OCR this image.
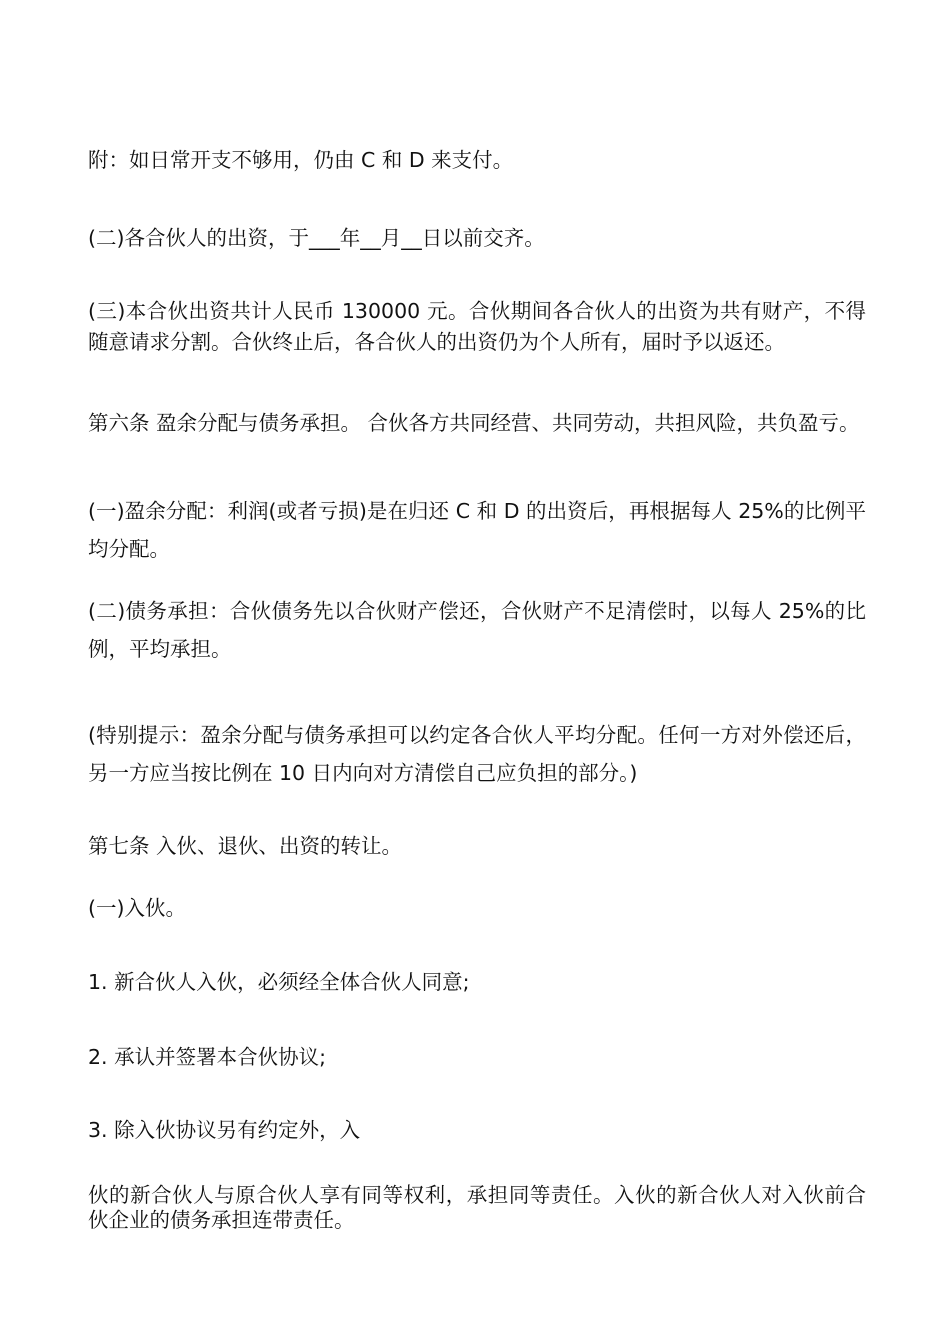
附：如日常开支不够用，仍由 C 和 D 来支付。

(二)各合伙人的出资，于___年__月__日以前交齐。

(三)本合伙出资共计人民币 130000 元。合伙期间各合伙人的出资为共有财产，不得随意请求分割。合伙终止后，各合伙人的出资仍为个人所有，届时予以返还。

第六条 盈余分配与债务承担。 合伙各方共同经营、共同劳动，共担风险，共负盈亏。

(一)盈余分配：利润(或者亏损)是在归还 C 和 D 的出资后，再根据每人 25%的比例平均分配。

(二)债务承担：合伙债务先以合伙财产偿还，合伙财产不足清偿时，以每人 25%的比例，平均承担。

(特别提示：盈余分配与债务承担可以约定各合伙人平均分配。任何一方对外偿还后，另一方应当按比例在 10 日内向对方清偿自己应负担的部分。)

第七条 入伙、退伙、出资的转让。

(一)入伙。

1. 新合伙人入伙，必须经全体合伙人同意;

2. 承认并签署本合伙协议;

3. 除入伙协议另有约定外，入

伙的新合伙人与原合伙人享有同等权利，承担同等责任。入伙的新合伙人对入伙前合伙企业的债务承担连带责任。
